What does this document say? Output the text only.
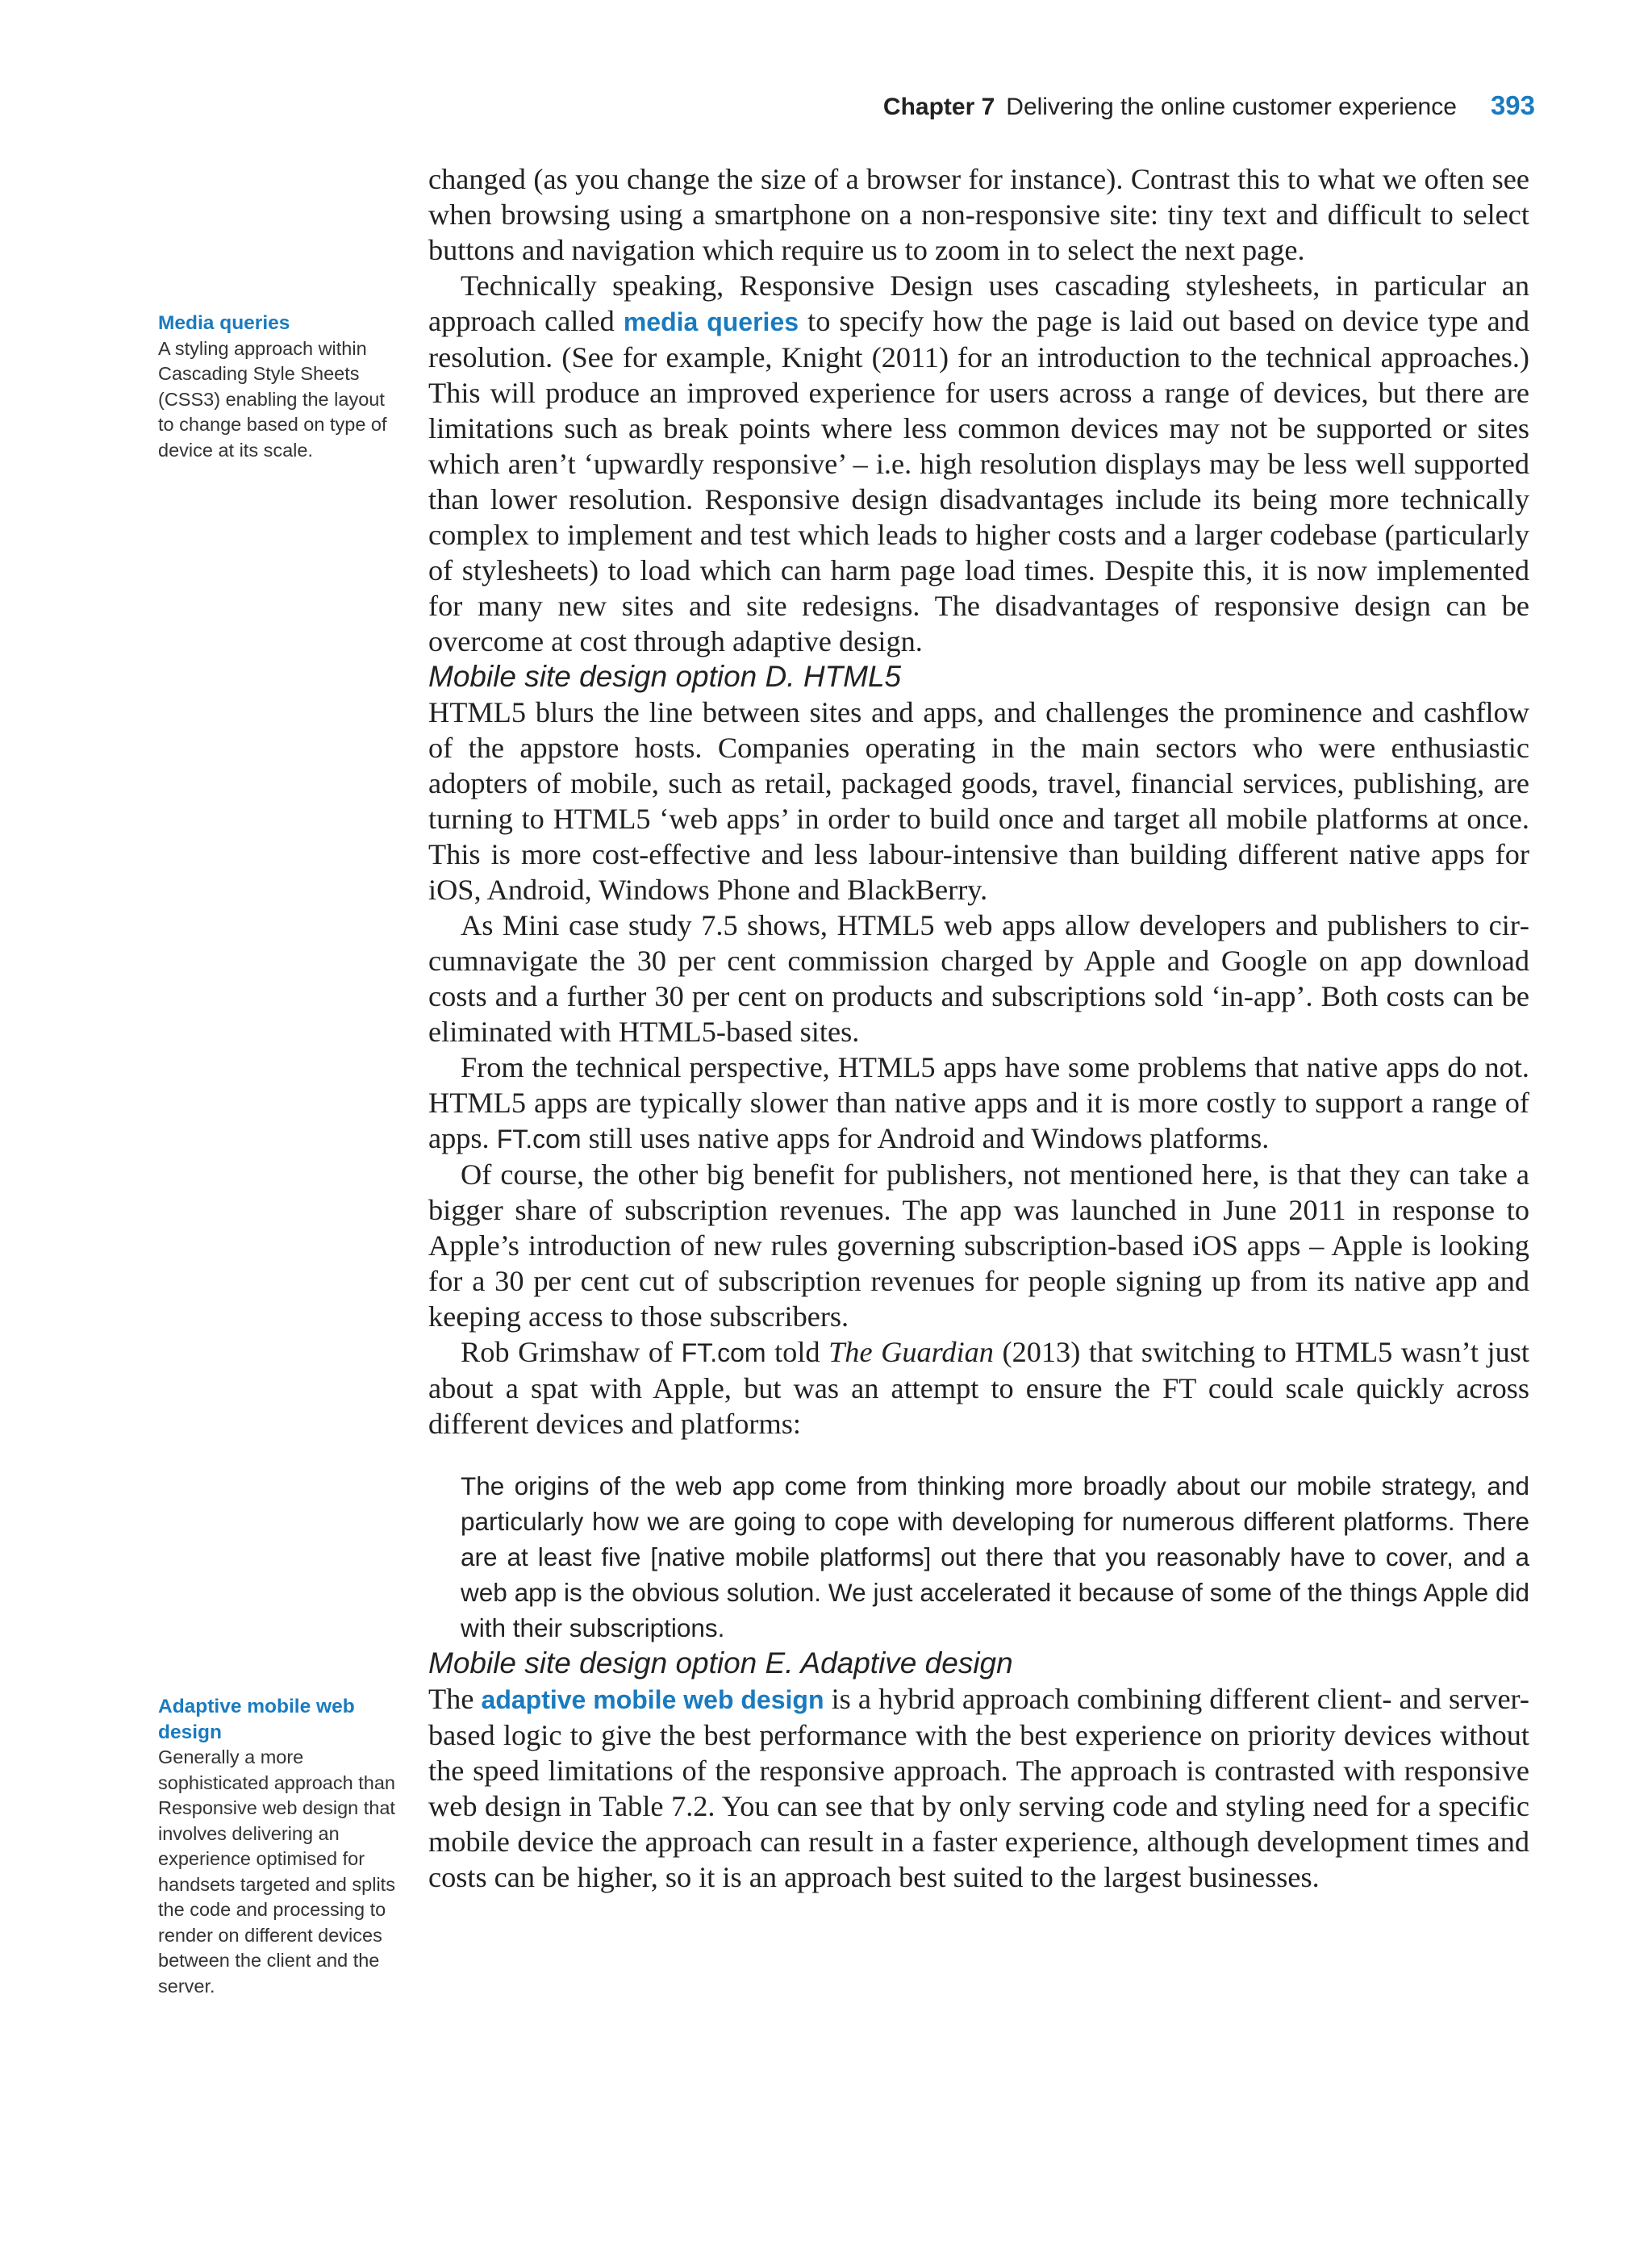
Chapter 7 Delivering the online customer experience 393
Media queries
A styling approach within Cascading Style Sheets (CSS3) enabling the layout to change based on type of device at its scale.
Adaptive mobile web design
Generally a more sophisticated approach than Responsive web design that involves delivering an experience optimised for handsets targeted and splits the code and processing to render on different devices between the client and the server.

changed (as you change the size of a browser for instance). Contrast this to what we often see when browsing using a smartphone on a non-responsive site: tiny text and difficult to select buttons and navigation which require us to zoom in to select the next page.

Technically speaking, Responsive Design uses cascading stylesheets, in particular an approach called media queries to specify how the page is laid out based on device type and resolution. (See for example, Knight (2011) for an introduction to the technical approaches.) This will produce an improved experience for users across a range of devices, but there are limitations such as break points where less common devices may not be supported or sites which aren’t ‘upwardly responsive’ – i.e. high resolution displays may be less well supported than lower resolution. Responsive design disadvantages include its being more technically complex to implement and test which leads to higher costs and a larger codebase (particularly of stylesheets) to load which can harm page load times. Despite this, it is now implemented for many new sites and site redesigns. The disadvantages of responsive design can be overcome at cost through adaptive design.

Mobile site design option D. HTML5

HTML5 blurs the line between sites and apps, and challenges the prominence and cashflow of the appstore hosts. Companies operating in the main sectors who were enthusiastic adopters of mobile, such as retail, packaged goods, travel, financial services, publishing, are turning to HTML5 ‘web apps’ in order to build once and target all mobile platforms at once. This is more cost-effective and less labour-intensive than building different native apps for iOS, Android, Windows Phone and BlackBerry.

As Mini case study 7.5 shows, HTML5 web apps allow developers and publishers to circumnavigate the 30 per cent commission charged by Apple and Google on app download costs and a further 30 per cent on products and subscriptions sold ‘in-app’. Both costs can be eliminated with HTML5-based sites.

From the technical perspective, HTML5 apps have some problems that native apps do not. HTML5 apps are typically slower than native apps and it is more costly to support a range of apps. FT.com still uses native apps for Android and Windows platforms.

Of course, the other big benefit for publishers, not mentioned here, is that they can take a bigger share of subscription revenues. The app was launched in June 2011 in response to Apple’s introduction of new rules governing subscription-based iOS apps – Apple is looking for a 30 per cent cut of subscription revenues for people signing up from its native app and keeping access to those subscribers.

Rob Grimshaw of FT.com told The Guardian (2013) that switching to HTML5 wasn’t just about a spat with Apple, but was an attempt to ensure the FT could scale quickly across different devices and platforms:

The origins of the web app come from thinking more broadly about our mobile strategy, and particularly how we are going to cope with developing for numerous different platforms. There are at least five [native mobile platforms] out there that you reasonably have to cover, and a web app is the obvious solution. We just accelerated it because of some of the things Apple did with their subscriptions.
Mobile site design option E. Adaptive design

The adaptive mobile web design is a hybrid approach combining different client- and server-based logic to give the best performance with the best experience on priority devices without the speed limitations of the responsive approach. The approach is contrasted with responsive web design in Table 7.2. You can see that by only serving code and styling need for a specific mobile device the approach can result in a faster experience, although development times and costs can be higher, so it is an approach best suited to the largest businesses.
